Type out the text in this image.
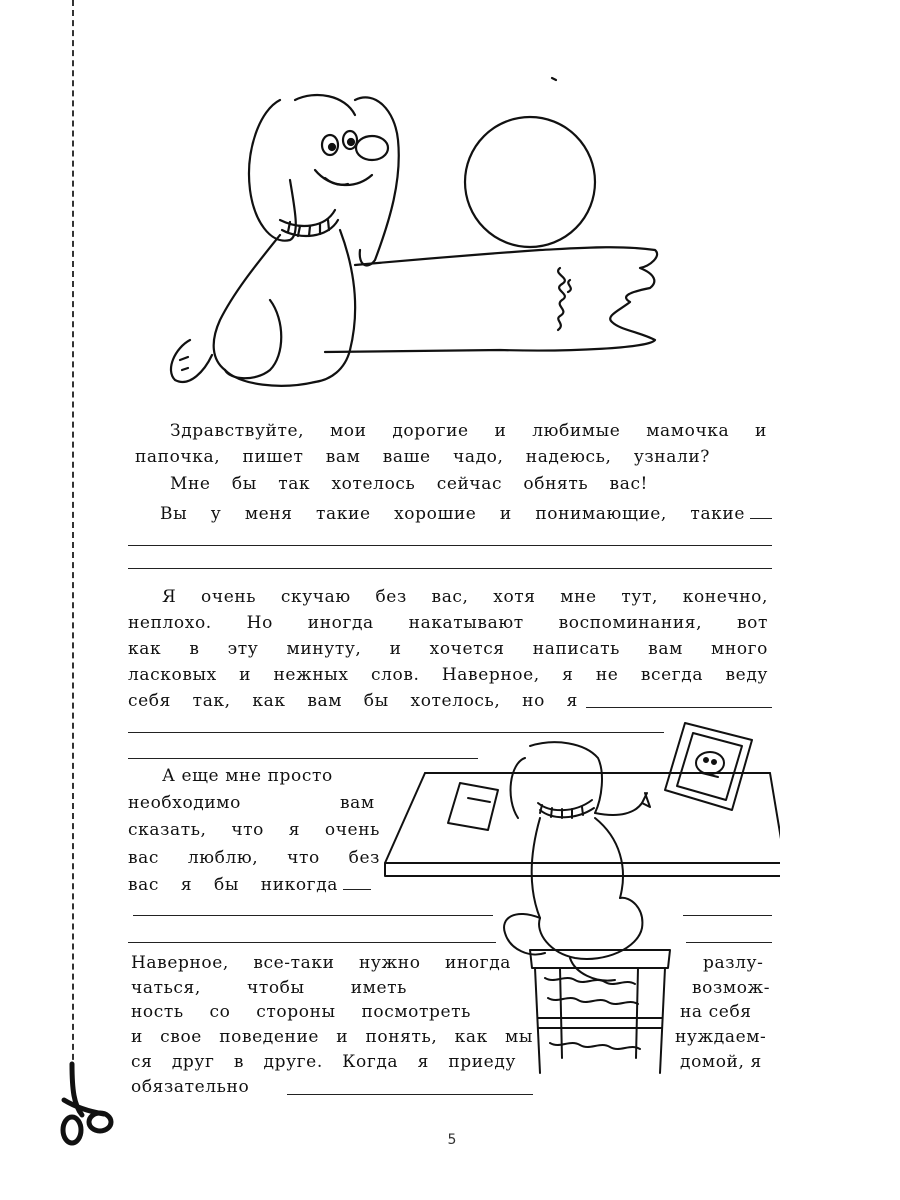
Здравствуйте, мои дорогие и любимые мамочка и
папочка, пишет вам ваше чадо, надеюсь, узнали?
Мне бы так хотелось сейчас обнять вас!
Вы у меня такие хорошие и понимающие, такие
Я очень скучаю без вас, хотя мне тут, конечно,
неплохо. Но иногда накатывают воспоминания, вот
как в эту минуту, и хочется написать вам много
ласковых и нежных слов. Наверное, я не всегда веду
себя так, как вам бы хотелось, но я
А еще мне просто
необходимо	вам
сказать, что я очень
вас люблю, что без
вас я бы никогда
Наверное, все-таки нужно иногда	разлу-
чаться, чтобы иметь	возмож-
ность со стороны посмотреть	на себя
и свое поведение и понять, как мы	нуждаем-
ся друг в друге. Когда я приеду	домой, я
обязательно
5
